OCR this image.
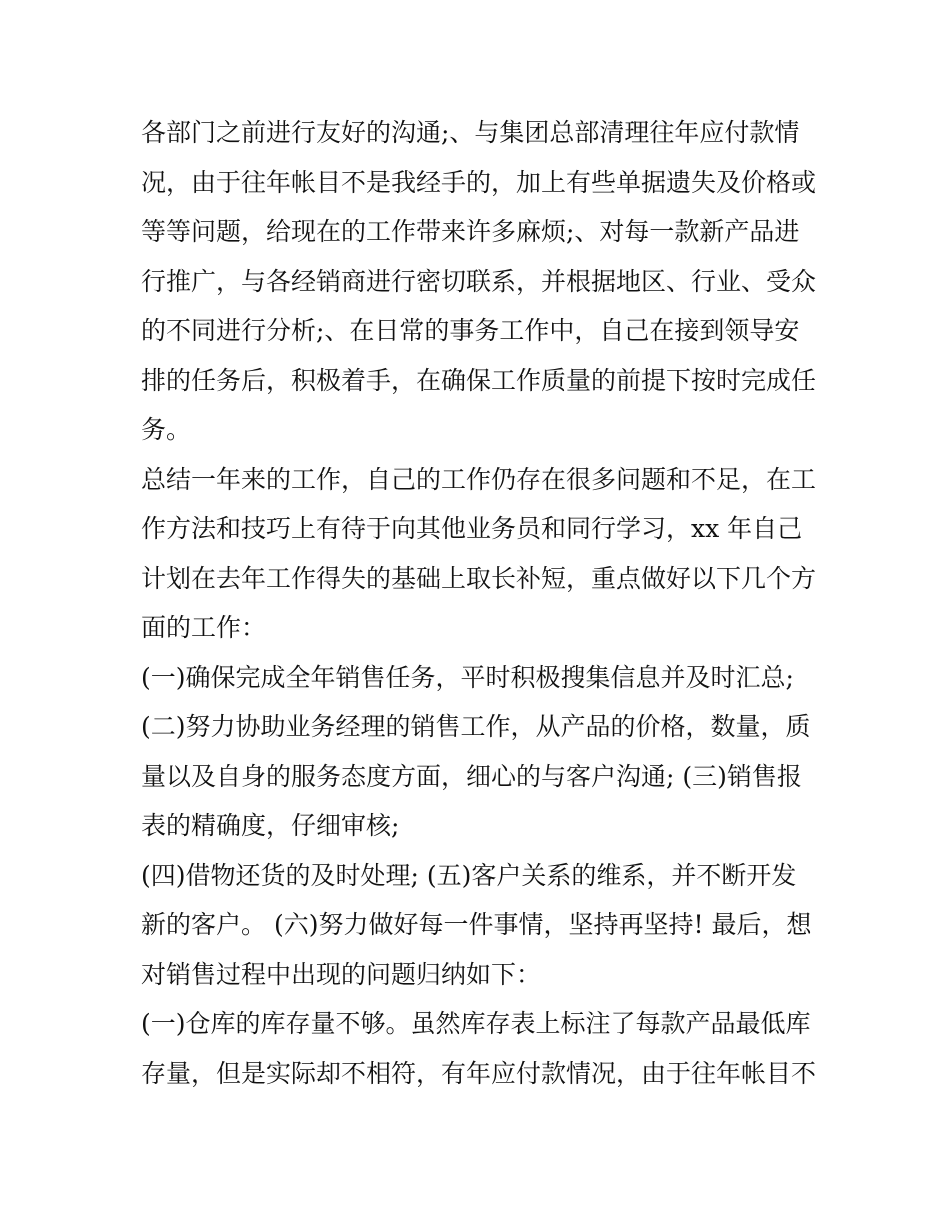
各部门之前进行友好的沟通;、与集团总部清理往年应付款情
况，由于往年帐目不是我经手的，加上有些单据遗失及价格或
等等问题，给现在的工作带来许多麻烦;、对每一款新产品进
行推广，与各经销商进行密切联系，并根据地区、行业、受众
的不同进行分析;、在日常的事务工作中，自己在接到领导安
排的任务后，积极着手，在确保工作质量的前提下按时完成任
务。
总结一年来的工作，自己的工作仍存在很多问题和不足，在工
作方法和技巧上有待于向其他业务员和同行学习，xx 年自己
计划在去年工作得失的基础上取长补短，重点做好以下几个方
面的工作：
(一)确保完成全年销售任务，平时积极搜集信息并及时汇总;
(二)努力协助业务经理的销售工作，从产品的价格，数量，质
量以及自身的服务态度方面，细心的与客户沟通; (三)销售报
表的精确度，仔细审核;
(四)借物还货的及时处理; (五)客户关系的维系，并不断开发
新的客户。 (六)努力做好每一件事情，坚持再坚持! 最后，想
对销售过程中出现的问题归纳如下：
(一)仓库的库存量不够。虽然库存表上标注了每款产品最低库
存量，但是实际却不相符，有年应付款情况，由于往年帐目不
